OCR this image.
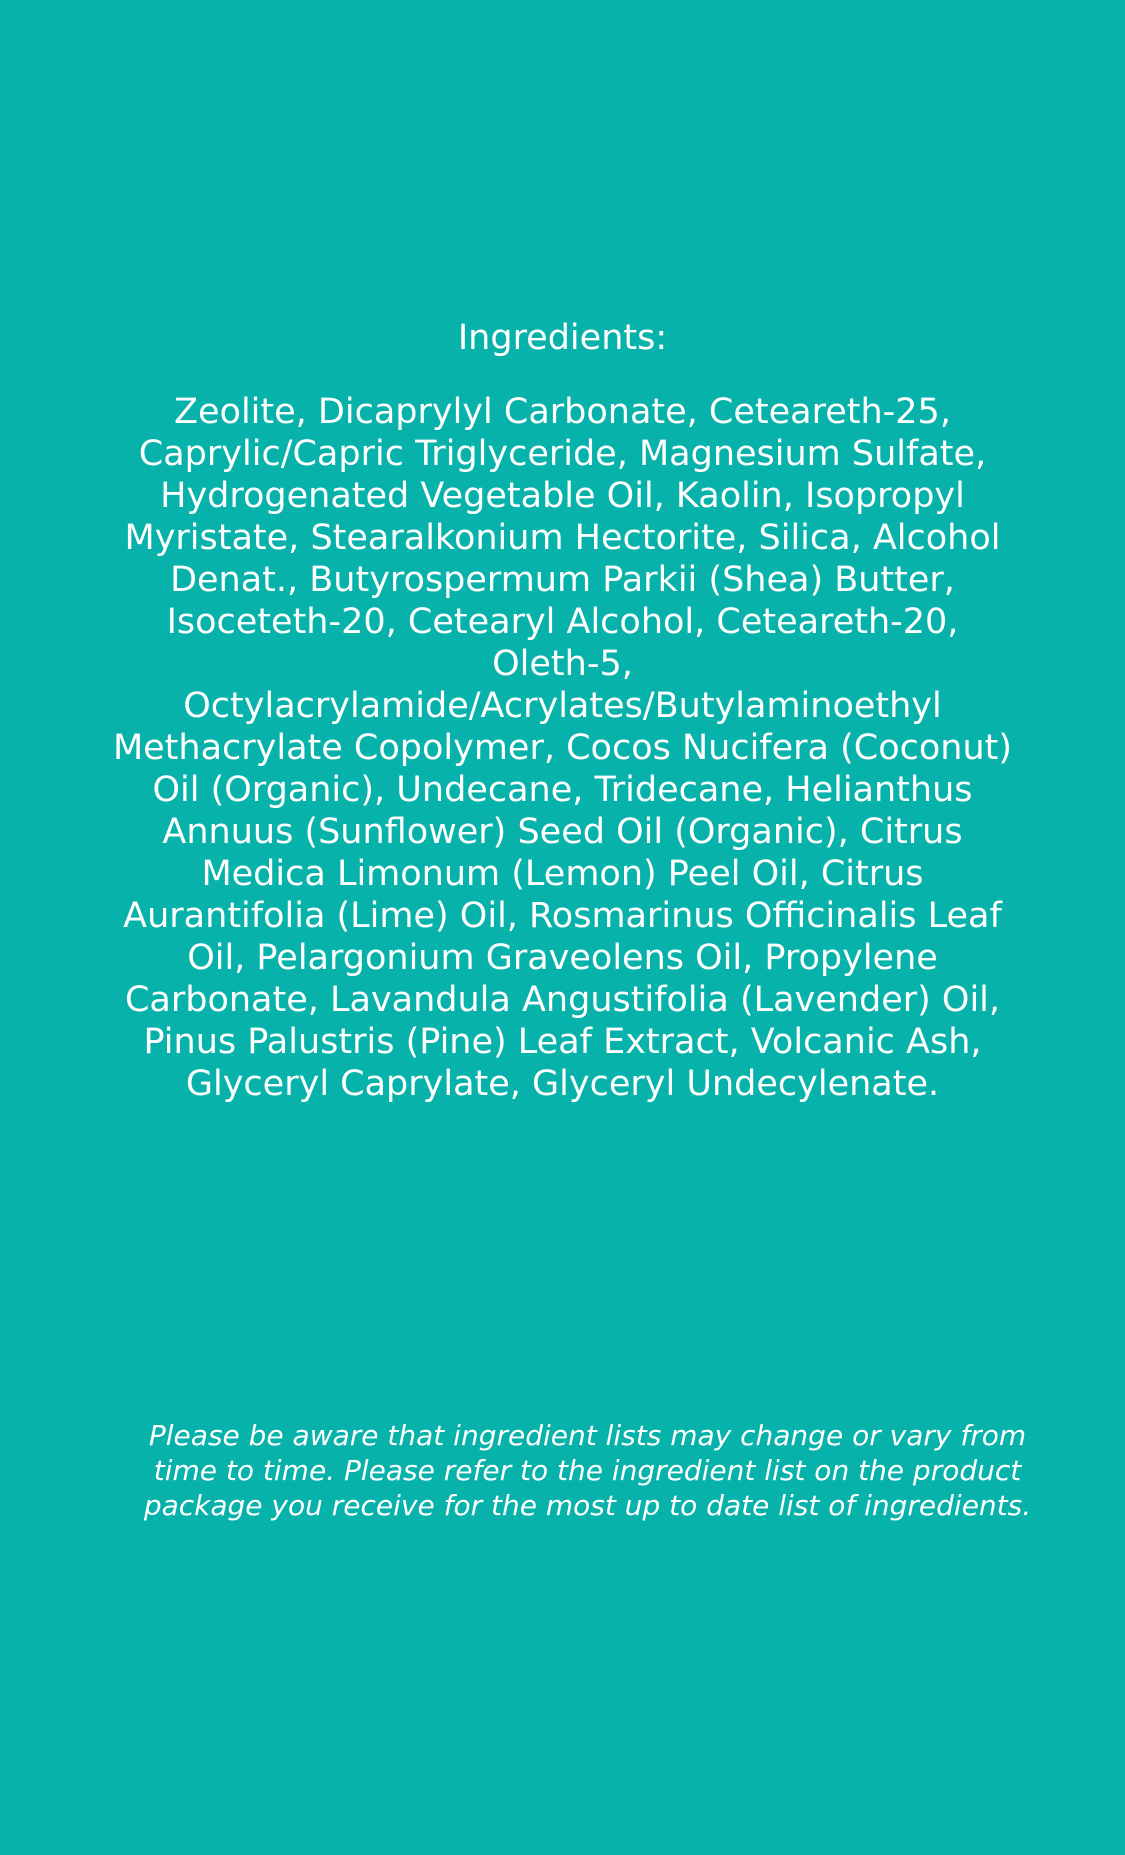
Ingredients:

Zeolite, Dicaprylyl Carbonate, Ceteareth-25,
Caprylic/Capric Triglyceride, Magnesium Sulfate,
Hydrogenated Vegetable Oil, Kaolin, Isopropyl
Myristate, Stearalkonium Hectorite, Silica, Alcohol
Denat., Butyrospermum Parkii (Shea) Butter,
Isoceteth-20, Cetearyl Alcohol, Ceteareth-20,
Oleth-5,
Octylacrylamide/Acrylates/Butylaminoethyl
Methacrylate Copolymer, Cocos Nucifera (Coconut)
Oil (Organic), Undecane, Tridecane, Helianthus
Annuus (Sunflower) Seed Oil (Organic), Citrus
Medica Limonum (Lemon) Peel Oil, Citrus
Aurantifolia (Lime) Oil, Rosmarinus Officinalis Leaf
Oil, Pelargonium Graveolens Oil, Propylene
Carbonate, Lavandula Angustifolia (Lavender) Oil,
Pinus Palustris (Pine) Leaf Extract, Volcanic Ash,
Glyceryl Caprylate, Glyceryl Undecylenate.

Please be aware that ingredient lists may change or vary from
time to time. Please refer to the ingredient list on the product
package you receive for the most up to date list of ingredients.
